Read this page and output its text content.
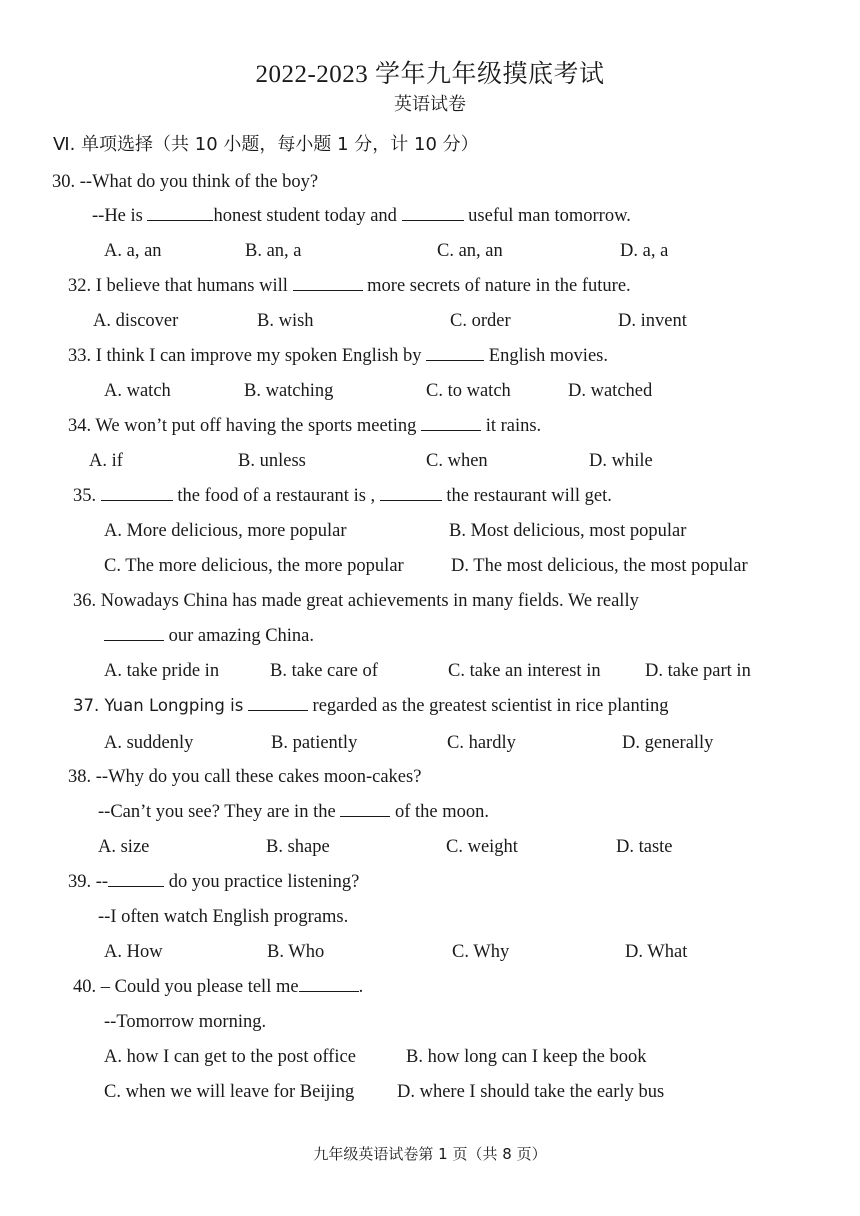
2022-2023 学年九年级摸底考试
英语试卷
Ⅵ. 单项选择（共 10 小题，每小题 1 分，计 10 分）
30. --What do you think of the boy?
--He is	honest student today and	useful man tomorrow.
A. a, an	B. an, a	C. an, an	D. a, a
32. I believe that humans will	more secrets of nature in the future.
A. discover	B. wish	C. order	D. invent
33. I think I can improve my spoken English by	English movies.
A. watch	B. watching	C. to watch	D. watched
34. We won’t put off having the sports meeting	it rains.
A. if	B. unless	C. when	D. while
35.	the food of a restaurant is ,	the restaurant will get.
A. More delicious, more popular	B. Most delicious, most popular
C. The more delicious, the more popular	D. The most delicious, the most popular
36. Nowadays China has made great achievements in many fields. We really
our amazing China.
A. take pride in	B. take care of	C. take an interest in D. take part in
37. Yuan Longping is	regarded as the greatest scientist in rice planting
A. suddenly	B. patiently	C. hardly	D. generally
38. --Why do you call these cakes moon-cakes?
--Can’t you see? They are in the	of the moon.
A. size	B. shape	C. weight	D. taste
39. --	do you practice listening?
--I often watch English programs.
A. How	B. Who	C. Why	D. What
40. – Could you please tell me	.
--Tomorrow morning.
A. how I can get to the post office	B. how long can I keep the book
C. when we will leave for Beijing D. where I should take the early bus
九年级英语试卷第 1 页（共 8 页）
